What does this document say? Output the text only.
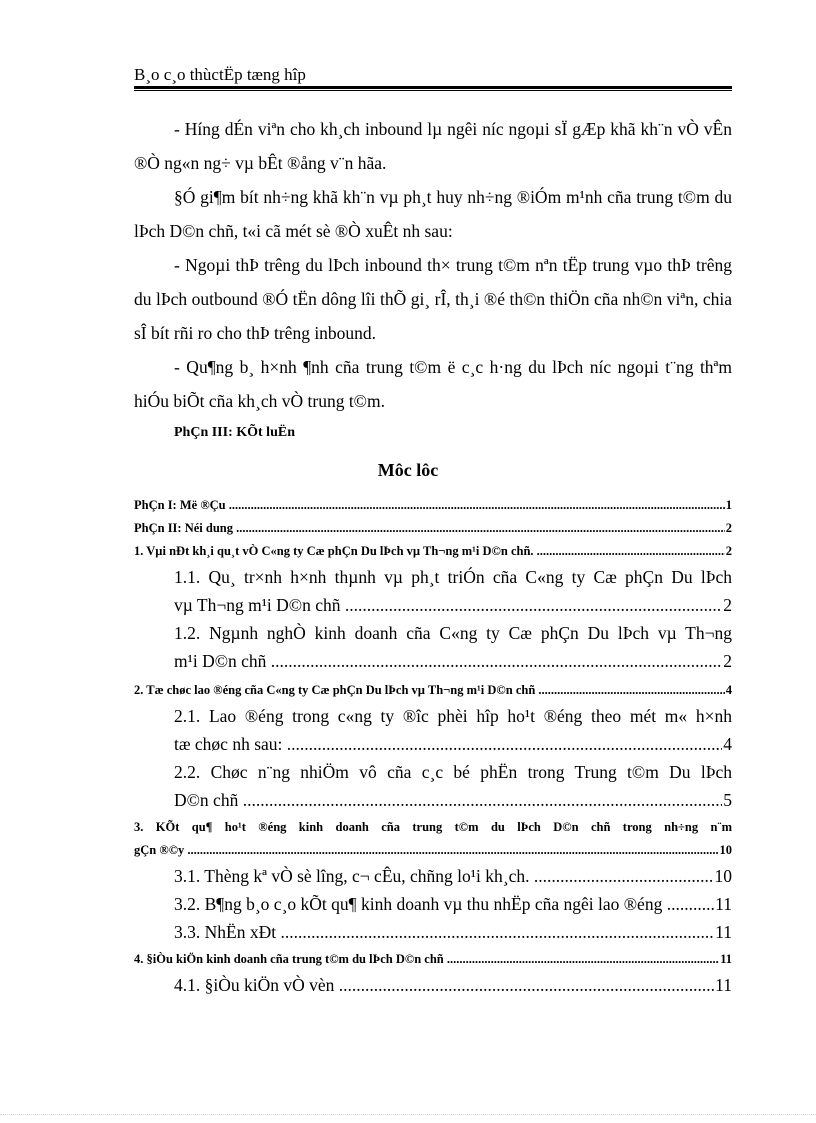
B¸o c¸o thùctËp tæng hîp

- Híng dÉn viªn cho kh¸ch inbound lµ ngêi níc ngoµi sÏ gÆp khã kh¨n vÒ vÊn ®Ò ng«n ng÷ vµ bÊt ®ång v¨n hãa.

§Ó gi¶m bít nh÷ng khã kh¨n vµ ph¸t huy nh÷ng ®iÓm m¹nh cña trung t©m du lÞch D©n chñ, t«i cã mét sè ®Ò xuÊt nh sau:

- Ngoµi thÞ trêng du lÞch inbound th× trung t©m nªn tËp trung vµo thÞ trêng du lÞch outbound ®Ó tËn dông lîi thÕ gi¸ rÎ, th¸i ®é th©n thiÖn cña nh©n viªn, chia sÎ bít rñi ro cho thÞ trêng inbound.

- Qu¶ng b¸ h×nh ¶nh cña trung t©m ë c¸c h·ng du lÞch níc ngoµi t¨ng thªm hiÓu biÕt cña kh¸ch vÒ trung t©m.

PhÇn III: KÕt luËn
Môc lôc
PhÇn I: Më ®Çu .....	1
PhÇn II: Néi dung .....	2
1. Vµi nÐt kh¸i qu¸t vÒ C«ng ty Cæ phÇn Du lÞch vµ Th¬ng m¹i D©n chñ. .....	2
1.1. Qu¸ tr×nh h×nh thµnh vµ ph¸t triÓn cña C«ng ty Cæ phÇn Du lÞch
vµ Th¬ng m¹i D©n chñ .....	2
1.2. Ngµnh nghÒ kinh doanh cña C«ng ty Cæ phÇn Du lÞch vµ Th¬ng
m¹i D©n chñ .....	2
2. Tæ chøc lao ®éng cña C«ng ty Cæ phÇn Du lÞch vµ Th¬ng m¹i D©n chñ .....	4
2.1. Lao ®éng trong c«ng ty ®îc phèi hîp ho¹t ®éng theo mét m« h×nh
tæ chøc nh sau: .....	4
2.2. Chøc n¨ng nhiÖm vô cña c¸c bé phËn trong Trung t©m Du lÞch
D©n chñ .....	5
3. KÕt qu¶ ho¹t ®éng kinh doanh cña trung t©m du lÞch D©n chñ trong nh÷ng n¨m
gÇn ®©y .....	10
3.1. Thèng kª vÒ sè lîng, c¬ cÊu, chñng lo¹i kh¸ch. .....	10
3.2. B¶ng b¸o c¸o kÕt qu¶ kinh doanh vµ thu nhËp cña ngêi lao ®éng .....	11
3.3. NhËn xÐt .....	11
4. §iÒu kiÖn kinh doanh cña trung t©m du lÞch D©n chñ .....	11
4.1. §iÒu kiÖn vÒ vèn .....	11
